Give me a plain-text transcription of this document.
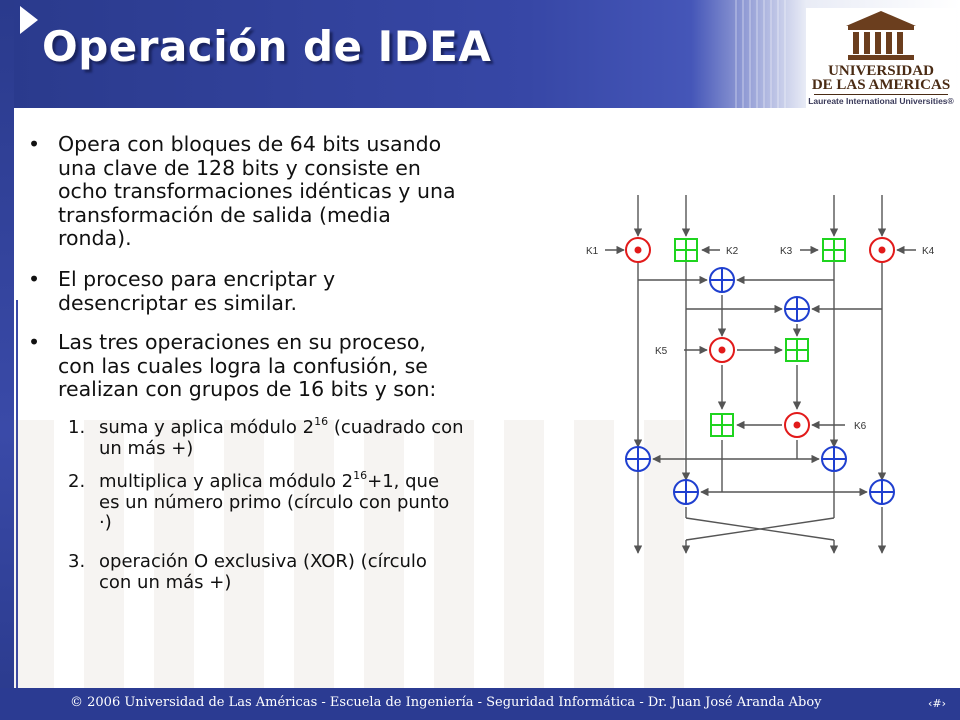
Operación de IDEA	UNIVERSIDAD
DE LAS AMERICAS
Laureate International Universities®
• Opera con bloques de 64 bits usando
una clave de 128 bits y consiste en
ocho transformaciones idénticas y una
transformación de salida (media
ronda).
• El proceso para encriptar y
desencriptar es similar.
• Las tres operaciones en su proceso,
con las cuales logra la confusión, se
realizan con grupos de 16 bits y son:
1. suma y aplica módulo $2^{16}$ (cuadrado con
un más +)
2. multiplica y aplica módulo $2^{16}+1$, que
es un número primo (círculo con punto
·)
3. operación O exclusiva (XOR) (círculo
con un más +)
K1	K2	K3	K4
K5
K6
© 2006 Universidad de Las Américas - Escuela de Ingeniería - Seguridad Informática - Dr. Juan José Aranda Aboy	‹#›
